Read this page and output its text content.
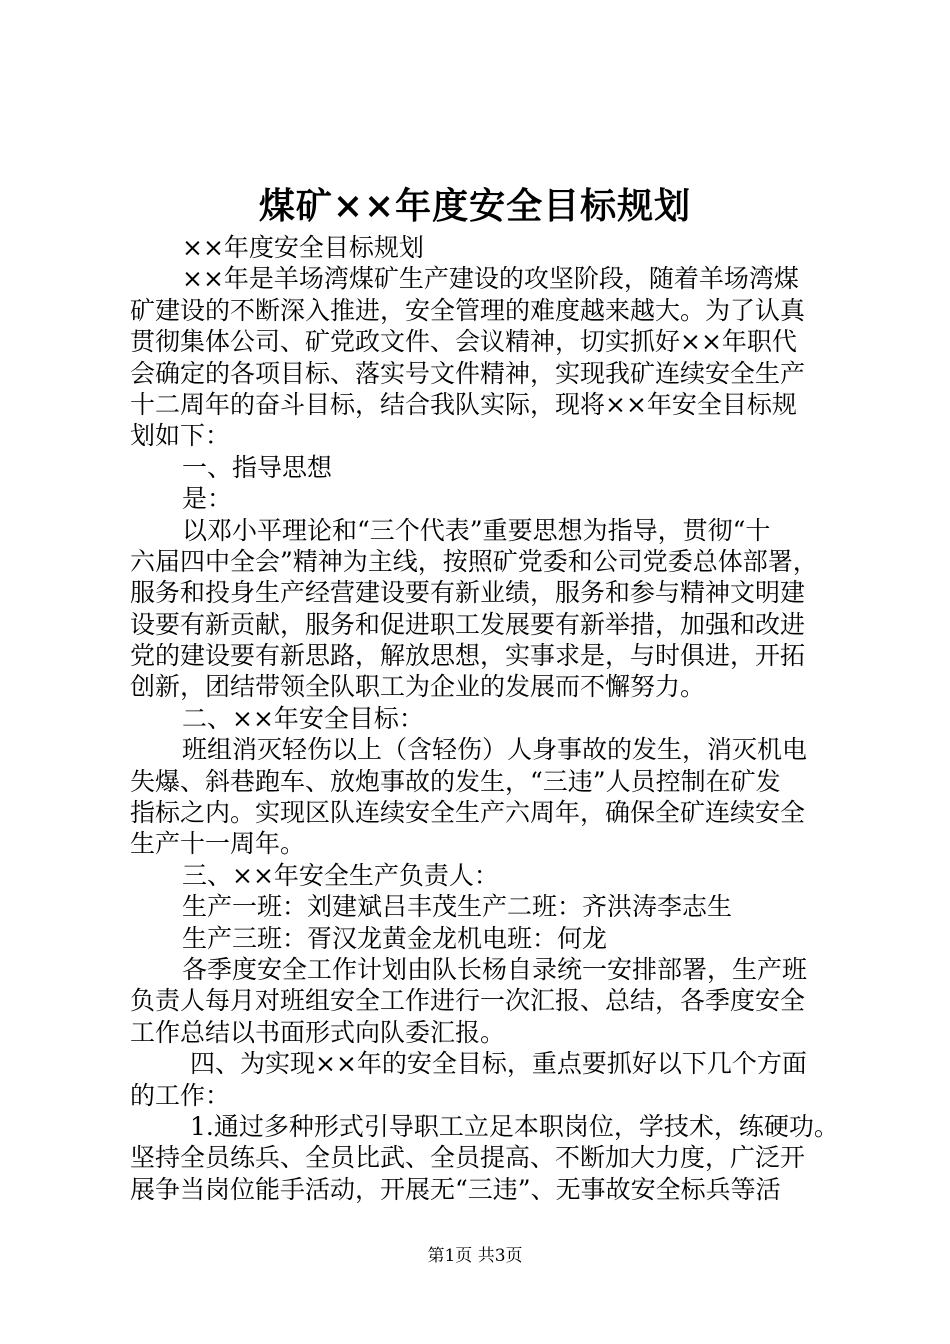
煤矿××年度安全目标规划
××年度安全目标规划
××年是羊场湾煤矿生产建设的攻坚阶段，随着羊场湾煤
矿建设的不断深入推进，安全管理的难度越来越大。为了认真
贯彻集体公司、矿党政文件、会议精神，切实抓好××年职代
会确定的各项目标、落实号文件精神，实现我矿连续安全生产
十二周年的奋斗目标，结合我队实际，现将××年安全目标规
划如下：
一、指导思想
是：
以邓小平理论和“三个代表”重要思想为指导，贯彻“十
六届四中全会”精神为主线，按照矿党委和公司党委总体部署，
服务和投身生产经营建设要有新业绩，服务和参与精神文明建
设要有新贡献，服务和促进职工发展要有新举措，加强和改进
党的建设要有新思路，解放思想，实事求是，与时俱进，开拓
创新，团结带领全队职工为企业的发展而不懈努力。
二、××年安全目标：
班组消灭轻伤以上（含轻伤）人身事故的发生，消灭机电
失爆、斜巷跑车、放炮事故的发生，“三违”人员控制在矿发
指标之内。实现区队连续安全生产六周年，确保全矿连续安全
生产十一周年。
三、××年安全生产负责人：
生产一班：刘建斌吕丰茂生产二班：齐洪涛李志生
生产三班：胥汉龙黄金龙机电班：何龙
各季度安全工作计划由队长杨自录统一安排部署，生产班
负责人每月对班组安全工作进行一次汇报、总结，各季度安全
工作总结以书面形式向队委汇报。
四、为实现××年的安全目标，重点要抓好以下几个方面
的工作：
1.通过多种形式引导职工立足本职岗位，学技术，练硬功。
坚持全员练兵、全员比武、全员提高、不断加大力度，广泛开
展争当岗位能手活动，开展无“三违”、无事故安全标兵等活
第1页 共3页
